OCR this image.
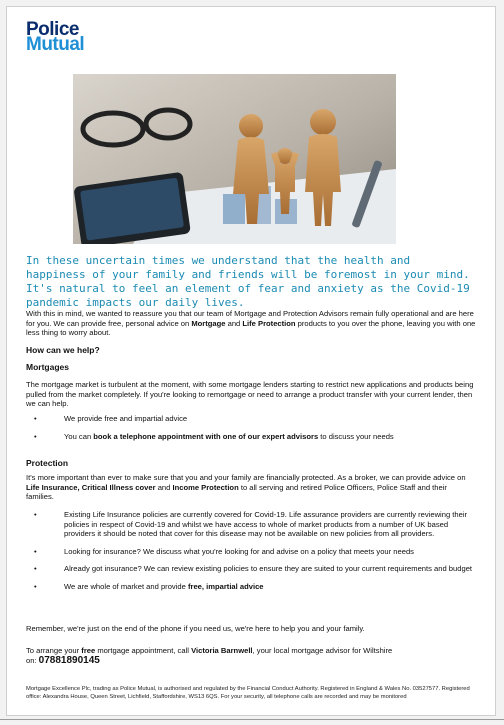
Police
Mutual
In these uncertain times we understand that the health and happiness of your family and friends will be foremost in your mind. It's natural to feel an element of fear and anxiety as the Covid-19 pandemic impacts our daily lives.
With this in mind, we wanted to reassure you that our team of Mortgage and Protection Advisors remain fully operational and are here for you. We can provide free, personal advice on Mortgage and Life Protection products to you over the phone, leaving you with one less thing to worry about.
How can we help?
Mortgages
The mortgage market is turbulent at the moment, with some mortgage lenders starting to restrict new applications and products being pulled from the market completely. If you're looking to remortgage or need to arrange a product transfer with your current lender, then we can help.
•	We provide free and impartial advice
•	You can book a telephone appointment with one of our expert advisors to discuss your needs
Protection
It's more important than ever to make sure that you and your family are financially protected. As a broker, we can provide advice on Life Insurance, Critical Illness cover and Income Protection to all serving and retired Police Officers, Police Staff and their families.
•	Existing Life Insurance policies are currently covered for Covid-19. Life assurance providers are currently reviewing their policies in respect of Covid-19 and whilst we have access to whole of market products from a number of UK based providers it should be noted that cover for this disease may not be available on new policies from all providers.
•	Looking for insurance? We discuss what you're looking for and advise on a policy that meets your needs
•	Already got insurance? We can review existing policies to ensure they are suited to your current requirements and budget
•	We are whole of market and provide free, impartial advice
Remember, we're just on the end of the phone if you need us, we're here to help you and your family.
To arrange your free mortgage appointment, call Victoria Barnwell, your local mortgage advisor for Wiltshire
on: 07881890145
Mortgage Excellence Plc, trading as Police Mutual, is authorised and regulated by the Financial Conduct Authority. Registered in England & Wales No. 03527577. Registered office: Alexandra House, Queen Street, Lichfield, Staffordshire, WS13 6QS. For your security, all telephone calls are recorded and may be monitored
